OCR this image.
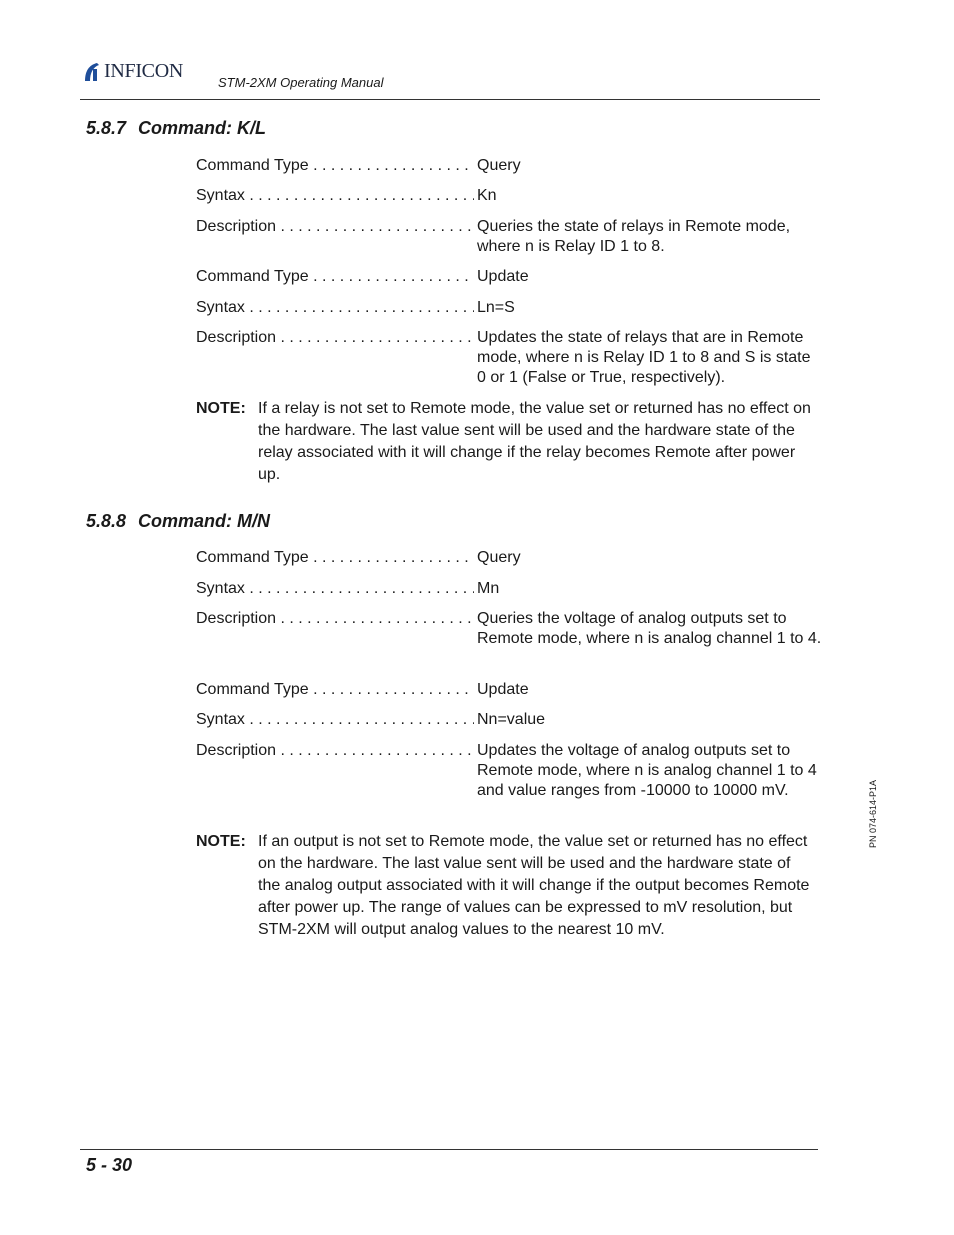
INFICON
STM-2XM Operating Manual
5.8.7 Command: K/L
Command Type . . .	Query
Syntax . . .	Kn
Description . . .	Queries the state of relays in Remote mode, where n is Relay ID 1 to 8.
Command Type . . .	Update
Syntax . . .	Ln=S
Description . . .	Updates the state of relays that are in Remote mode, where n is Relay ID 1 to 8 and S is state 0 or 1 (False or True, respectively).
NOTE: If a relay is not set to Remote mode, the value set or returned has no effect on the hardware. The last value sent will be used and the hardware state of the relay associated with it will change if the relay becomes Remote after power up.
5.8.8 Command: M/N
Command Type . . .	Query
Syntax . . .	Mn
Description . . .	Queries the voltage of analog outputs set to Remote mode, where n is analog channel 1 to 4.
Command Type . . .	Update
Syntax . . .	Nn=value
Description . . .	Updates the voltage of analog outputs set to Remote mode, where n is analog channel 1 to 4 and value ranges from -10000 to 10000 mV.
NOTE: If an output is not set to Remote mode, the value set or returned has no effect on the hardware. The last value sent will be used and the hardware state of the analog output associated with it will change if the output becomes Remote after power up. The range of values can be expressed to mV resolution, but STM-2XM will output analog values to the nearest 10 mV.
PN 074-614-P1A
5 - 30
